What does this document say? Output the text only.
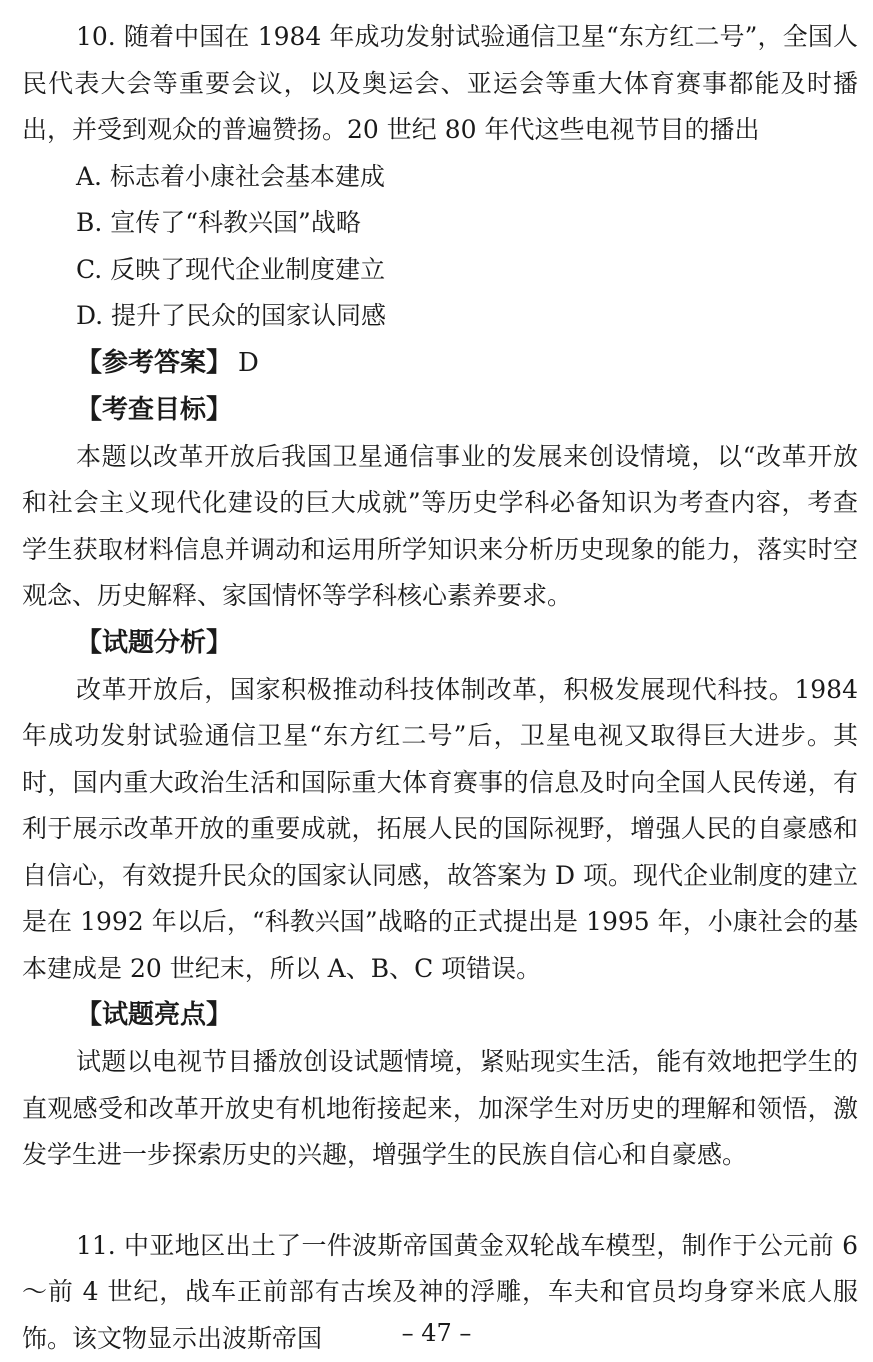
10. 随着中国在 1984 年成功发射试验通信卫星“东方红二号”，全国人民代表大会等重要会议，以及奥运会、亚运会等重大体育赛事都能及时播出，并受到观众的普遍赞扬。20 世纪 80 年代这些电视节目的播出

A. 标志着小康社会基本建成
B. 宣传了“科教兴国”战略
C. 反映了现代企业制度建立
D. 提升了民众的国家认同感
【参考答案】 D
【考查目标】

本题以改革开放后我国卫星通信事业的发展来创设情境，以“改革开放和社会主义现代化建设的巨大成就”等历史学科必备知识为考查内容，考查学生获取材料信息并调动和运用所学知识来分析历史现象的能力，落实时空观念、历史解释、家国情怀等学科核心素养要求。

【试题分析】

改革开放后，国家积极推动科技体制改革，积极发展现代科技。1984 年成功发射试验通信卫星“东方红二号”后，卫星电视又取得巨大进步。其时，国内重大政治生活和国际重大体育赛事的信息及时向全国人民传递，有利于展示改革开放的重要成就，拓展人民的国际视野，增强人民的自豪感和自信心，有效提升民众的国家认同感，故答案为 D 项。现代企业制度的建立是在 1992 年以后，“科教兴国”战略的正式提出是 1995 年，小康社会的基本建成是 20 世纪末，所以 A、B、C 项错误。

【试题亮点】

试题以电视节目播放创设试题情境，紧贴现实生活，能有效地把学生的直观感受和改革开放史有机地衔接起来，加深学生对历史的理解和领悟，激发学生进一步探索历史的兴趣，增强学生的民族自信心和自豪感。

11. 中亚地区出土了一件波斯帝国黄金双轮战车模型，制作于公元前 6 ～前 4 世纪，战车正前部有古埃及神的浮雕，车夫和官员均身穿米底人服饰。该文物显示出波斯帝国	– 47 –
